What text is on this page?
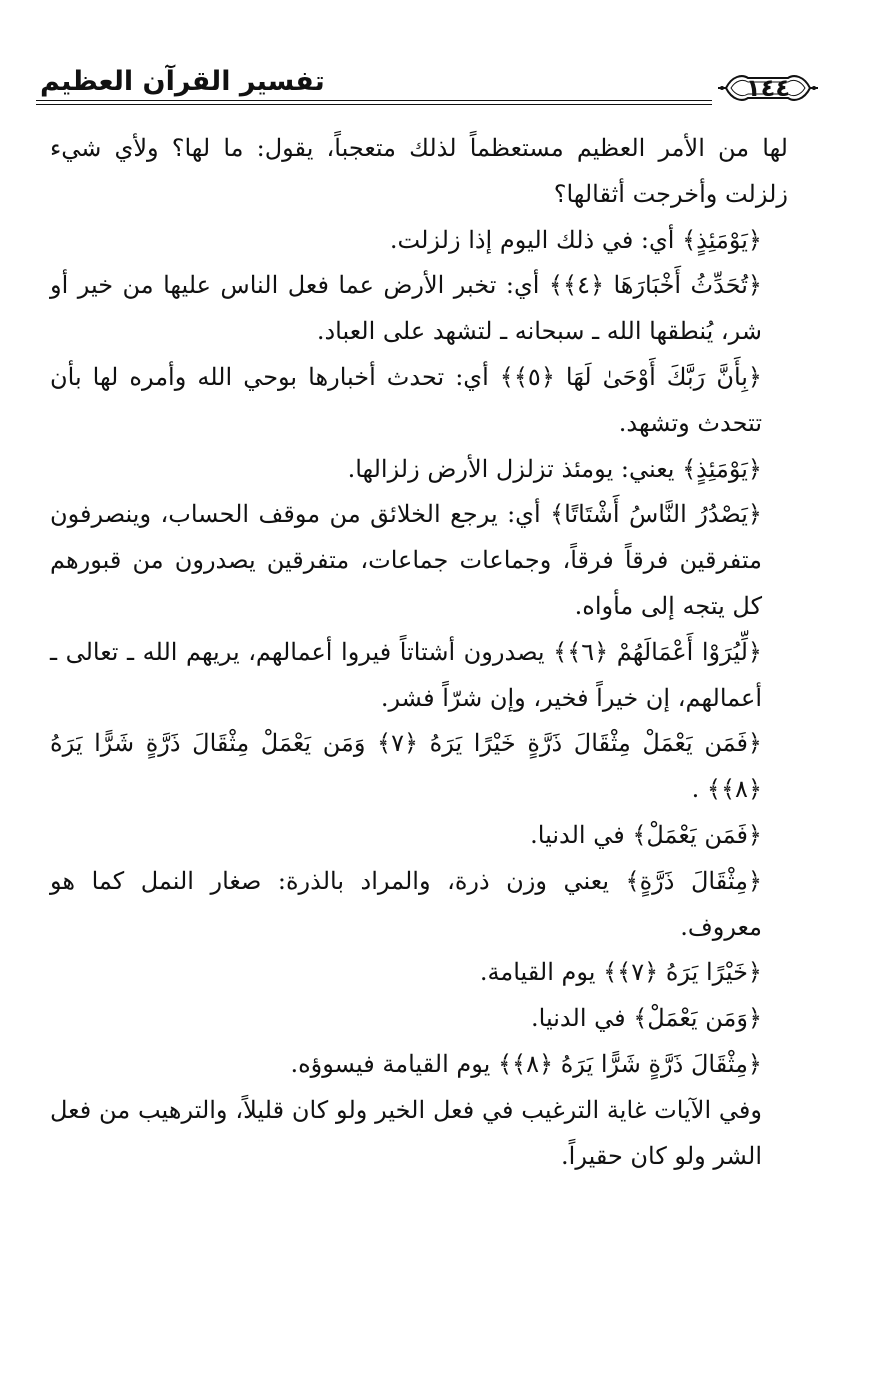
تفسير القرآن العظيم	١٤٤

لها من الأمر العظيم مستعظماً لذلك متعجباً، يقول: ما لها؟ ولأي شيء زلزلت وأخرجت أثقالها؟

﴿يَوْمَئِذٍ﴾ أي: في ذلك اليوم إذا زلزلت.

﴿تُحَدِّثُ أَخْبَارَهَا ﴿٤﴾﴾ أي: تخبر الأرض عما فعل الناس عليها من خير أو شر، يُنطقها الله ـ سبحانه ـ لتشهد على العباد.

﴿بِأَنَّ رَبَّكَ أَوْحَىٰ لَهَا ﴿٥﴾﴾ أي: تحدث أخبارها بوحي الله وأمره لها بأن تتحدث وتشهد.

﴿يَوْمَئِذٍ﴾ يعني: يومئذ تزلزل الأرض زلزالها.

﴿يَصْدُرُ النَّاسُ أَشْتَاتًا﴾ أي: يرجع الخلائق من موقف الحساب، وينصرفون متفرقين فرقاً فرقاً، وجماعات جماعات، متفرقين يصدرون من قبورهم كل يتجه إلى مأواه.

﴿لِّيُرَوْا أَعْمَالَهُمْ ﴿٦﴾﴾ يصدرون أشتاتاً فيروا أعمالهم، يريهم الله ـ تعالى ـ أعمالهم، إن خيراً فخير، وإن شرّاً فشر.

﴿فَمَن يَعْمَلْ مِثْقَالَ ذَرَّةٍ خَيْرًا يَرَهُ ﴿٧﴾ وَمَن يَعْمَلْ مِثْقَالَ ذَرَّةٍ شَرًّا يَرَهُ ﴿٨﴾﴾ .

﴿فَمَن يَعْمَلْ﴾ في الدنيا.

﴿مِثْقَالَ ذَرَّةٍ﴾ يعني وزن ذرة، والمراد بالذرة: صغار النمل كما هو معروف.

﴿خَيْرًا يَرَهُ ﴿٧﴾﴾ يوم القيامة.

﴿وَمَن يَعْمَلْ﴾ في الدنيا.

﴿مِثْقَالَ ذَرَّةٍ شَرًّا يَرَهُ ﴿٨﴾﴾ يوم القيامة فيسوؤه.

وفي الآيات غاية الترغيب في فعل الخير ولو كان قليلاً، والترهيب من فعل الشر ولو كان حقيراً.
